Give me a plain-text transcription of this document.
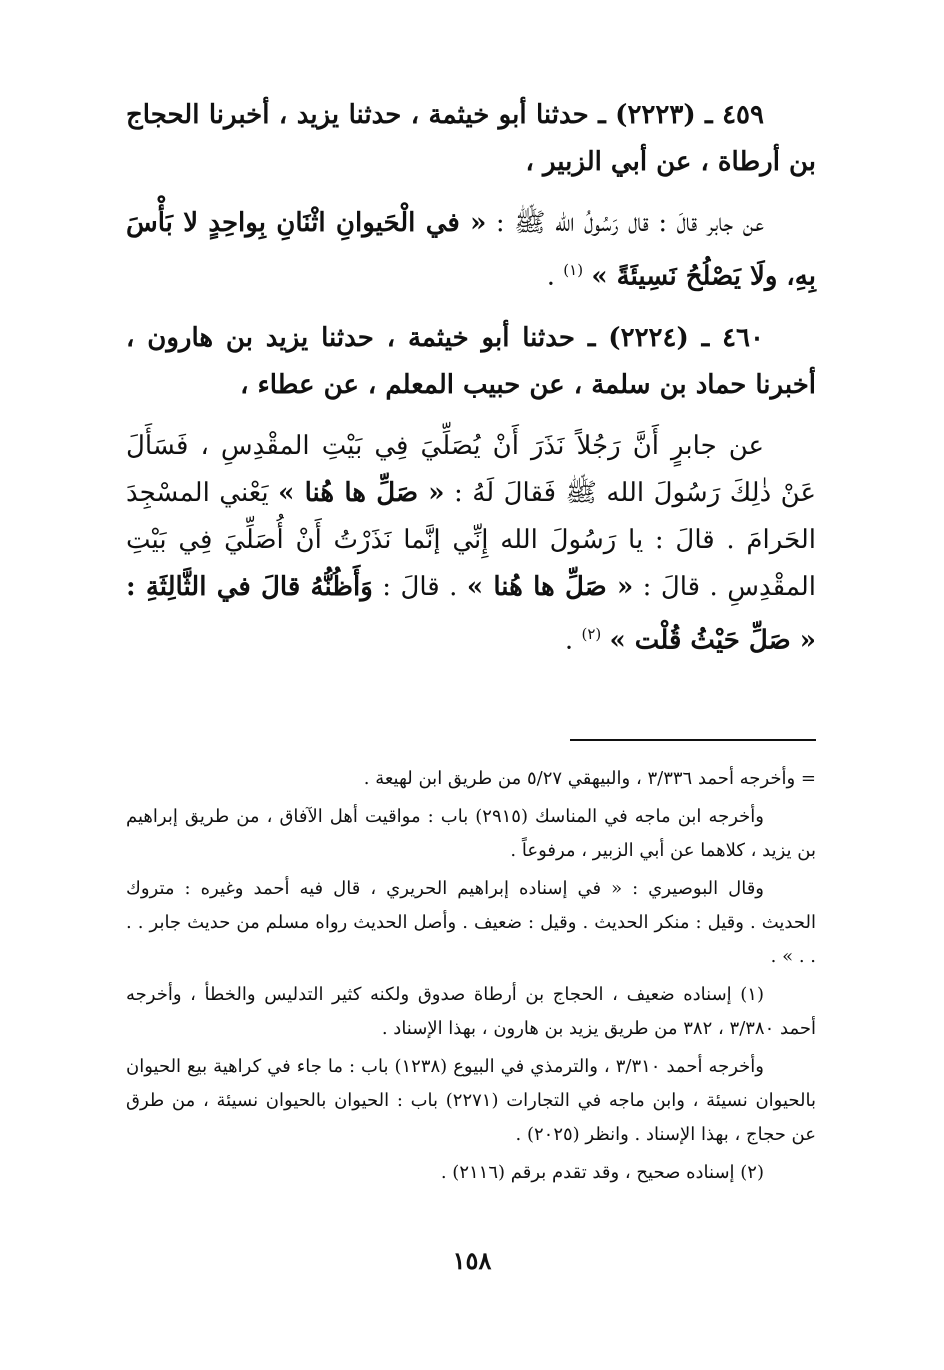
٤٥٩ ـ (٢٢٢٣) ـ حدثنا أبو خيثمة ، حدثنا يزيد ، أخبرنا الحجاج بن أرطاة ، عن أبي الزبير ،

عن جابر قالَ : قال رَسُولُ الله ﷺ : « في الْحَيوانِ اثْنَانِ بِواحِدٍ لا بَأْسَ بِهِ، ولَا يَصْلُحُ نَسِيئَةً » $^{(١)}$ .

٤٦٠ ـ (٢٢٢٤) ـ حدثنا أبو خيثمة ، حدثنا يزيد بن هارون ، أخبرنا حماد بن سلمة ، عن حبيب المعلم ، عن عطاء ،

عن جابرٍ أَنَّ رَجُلاً نَذَرَ أَنْ يُصَلِّيَ فِي بَيْتِ المقْدِسِ ، فَسَأَلَ عَنْ ذٰلِكَ رَسُولَ الله ﷺ فَقالَ لَهُ : « صَلِّ ها هُنا » يَعْني المسْجِدَ الحَرامَ . قالَ : يا رَسُولَ الله إِنِّي إنَّما نَذَرْتُ أَنْ أُصَلِّيَ فِي بَيْتِ المقْدِسِ . قالَ : « صَلِّ ها هُنا » . قالَ : وَأَظُنُّهُ قالَ في الثَّالِثَةِ : « صَلِّ حَيْثُ قُلْت » $^{(٢)}$ .

= وأخرجه أحمد ٣/٣٣٦ ، والبيهقي ٥/٢٧ من طريق ابن لهيعة .

وأخرجه ابن ماجه في المناسك (٢٩١٥) باب : مواقيت أهل الآفاق ، من طريق إبراهيم بن يزيد ، كلاهما عن أبي الزبير ، مرفوعاً .

وقال البوصيري : « في إسناده إبراهيم الحريري ، قال فيه أحمد وغيره : متروك الحديث . وقيل : منكر الحديث . وقيل : ضعيف . وأصل الحديث رواه مسلم من حديث جابر . . . . » .

(١) إسناده ضعيف ، الحجاج بن أرطاة صدوق ولكنه كثير التدليس والخطأ ، وأخرجه أحمد ٣/٣٨٠ ، ٣٨٢ من طريق يزيد بن هارون ، بهذا الإسناد .

وأخرجه أحمد ٣/٣١٠ ، والترمذي في البيوع (١٢٣٨) باب : ما جاء في كراهية بيع الحيوان بالحيوان نسيئة ، وابن ماجه في التجارات (٢٢٧١) باب : الحيوان بالحيوان نسيئة ، من طرق عن حجاج ، بهذا الإسناد . وانظر (٢٠٢٥) .

(٢) إسناده صحيح ، وقد تقدم برقم (٢١١٦) .

١٥٨
